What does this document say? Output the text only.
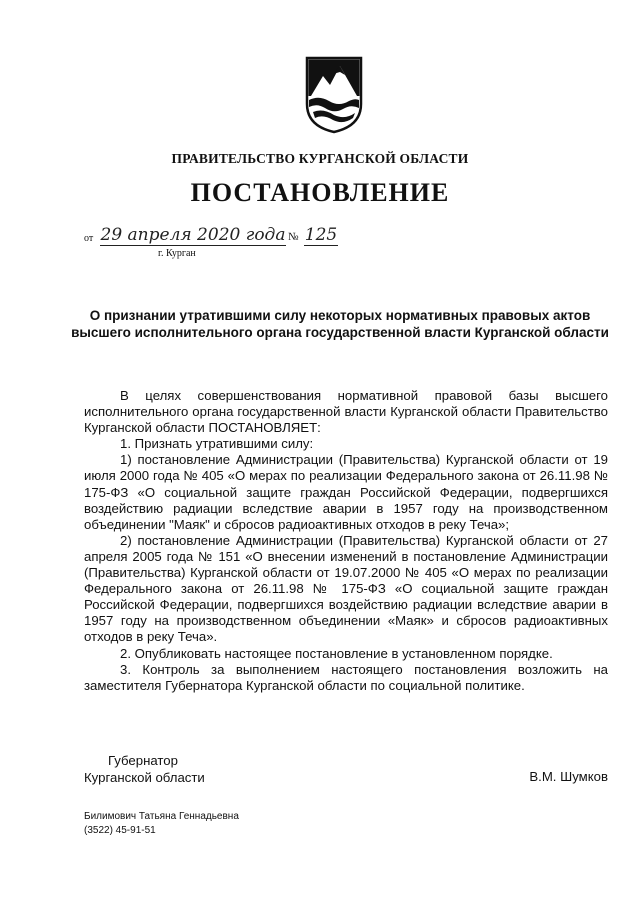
ПРАВИТЕЛЬСТВО КУРГАНСКОЙ ОБЛАСТИ
ПОСТАНОВЛЕНИЕ
от 29 апреля 2020 года № 125
г. Курган
О признании утратившими силу некоторых нормативных правовых актов высшего исполнительного органа государственной власти Курганской области

В целях совершенствования нормативной правовой базы высшего исполнительного органа государственной власти Курганской области Правительство Курганской области ПОСТАНОВЛЯЕТ:

1. Признать утратившими силу:

1) постановление Администрации (Правительства) Курганской области от 19 июля 2000 года № 405 «О мерах по реализации Федерального закона от 26.11.98 № 175-ФЗ «О социальной защите граждан Российской Федерации, подвергшихся воздействию радиации вследствие аварии в 1957 году на производственном объединении "Маяк" и сбросов радиоактивных отходов в реку Теча»;

2) постановление Администрации (Правительства) Курганской области от 27 апреля 2005 года № 151 «О внесении изменений в постановление Администрации (Правительства) Курганской области от 19.07.2000 № 405 «О мерах по реализации Федерального закона от 26.11.98 № 175-ФЗ «О социальной защите граждан Российской Федерации, подвергшихся воздействию радиации вследствие аварии в 1957 году на производственном объединении «Маяк» и сбросов радиоактивных отходов в реку Теча».

2. Опубликовать настоящее постановление в установленном порядке.

3. Контроль за выполнением настоящего постановления возложить на заместителя Губернатора Курганской области по социальной политике.

Губернатор
Курганской области	В.М. Шумков
Билимович Татьяна Геннадьевна
(3522) 45-91-51
